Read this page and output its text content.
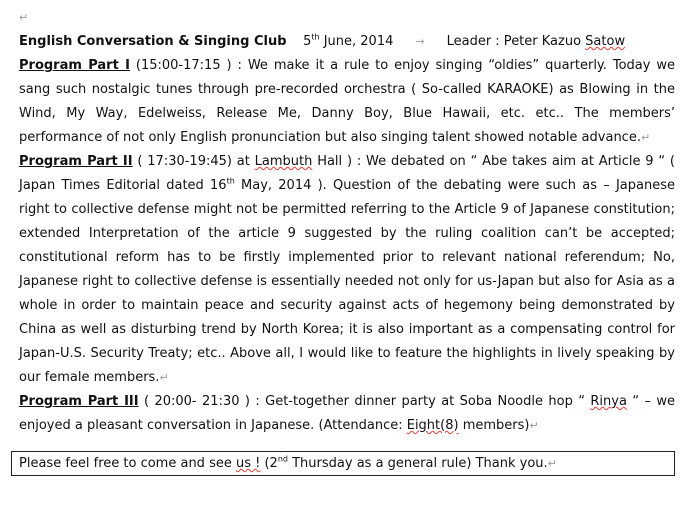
↵
English Conversation & Singing Club 5th June, 2014 → Leader : Peter Kazuo Satow
Program Part I (15:00-17:15 ) : We make it a rule to enjoy singing “oldies” quarterly. Today we sang such nostalgic tunes through pre-recorded orchestra ( So-called KARAOKE) as Blowing in the Wind, My Way, Edelweiss, Release Me, Danny Boy, Blue Hawaii, etc. etc.. The members’ performance of not only English pronunciation but also singing talent showed notable advance.↵
Program Part II ( 17:30-19:45) at Lambuth Hall ) : We debated on “ Abe takes aim at Article 9 “ ( Japan Times Editorial dated 16th May, 2014 ). Question of the debating were such as – Japanese right to collective defense might not be permitted referring to the Article 9 of Japanese constitution; extended Interpretation of the article 9 suggested by the ruling coalition can’t be accepted; constitutional reform has to be firstly implemented prior to relevant national referendum; No, Japanese right to collective defense is essentially needed not only for us-Japan but also for Asia as a whole in order to maintain peace and security against acts of hegemony being demonstrated by China as well as disturbing trend by North Korea; it is also important as a compensating control for Japan-U.S. Security Treaty; etc.. Above all, I would like to feature the highlights in lively speaking by our female members.↵
Program Part III ( 20:00- 21:30 ) : Get-together dinner party at Soba Noodle hop “ Rinya “ – we enjoyed a pleasant conversation in Japanese. (Attendance: Eight(8) members)↵
Please feel free to come and see us ! (2nd Thursday as a general rule) Thank you.↵
